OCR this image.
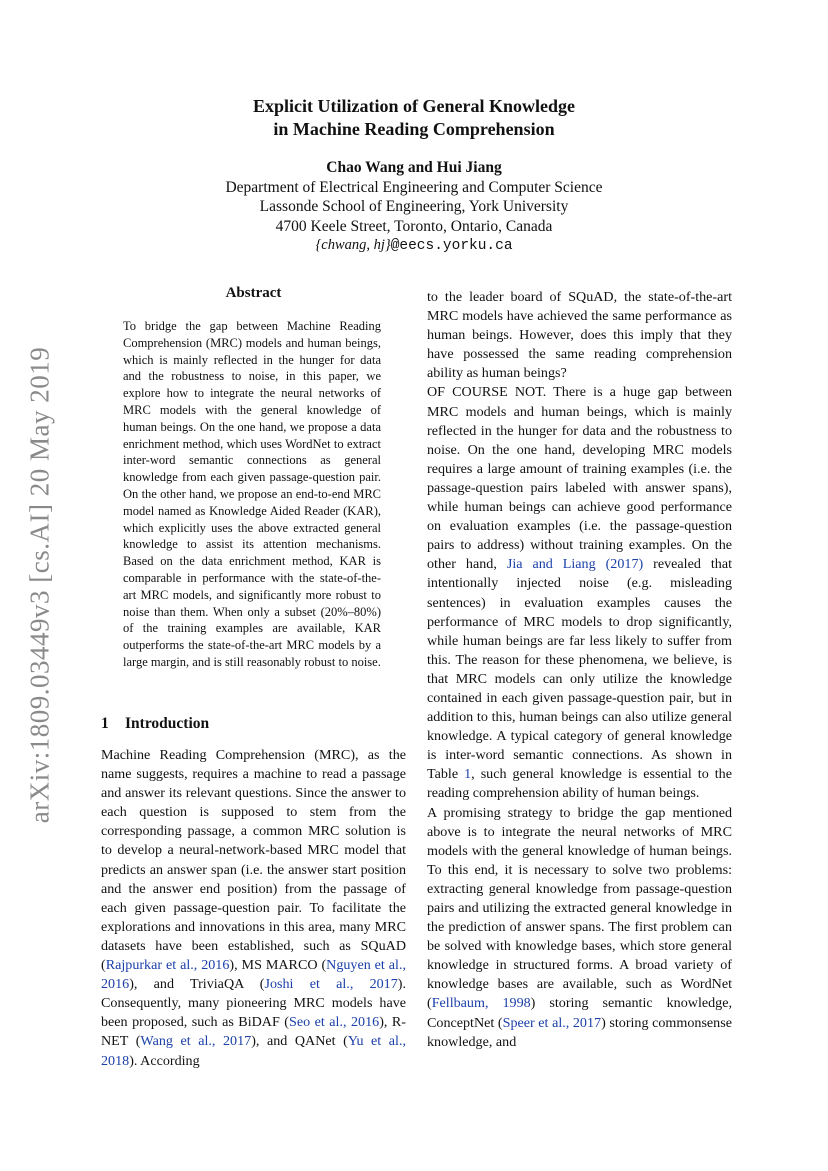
arXiv:1809.03449v3 [cs.AI] 20 May 2019
Explicit Utilization of General Knowledge
in Machine Reading Comprehension
Chao Wang and Hui Jiang
Department of Electrical Engineering and Computer Science
Lassonde School of Engineering, York University
4700 Keele Street, Toronto, Ontario, Canada
{chwang, hj}@eecs.yorku.ca
Abstract
To bridge the gap between Machine Reading Comprehension (MRC) models and human beings, which is mainly reflected in the hunger for data and the robustness to noise, in this paper, we explore how to integrate the neural networks of MRC models with the general knowledge of human beings. On the one hand, we propose a data enrichment method, which uses WordNet to extract inter-word semantic connections as general knowledge from each given passage-question pair. On the other hand, we propose an end-to-end MRC model named as Knowledge Aided Reader (KAR), which explicitly uses the above extracted general knowledge to assist its attention mechanisms. Based on the data enrichment method, KAR is comparable in performance with the state-of-the-art MRC models, and significantly more robust to noise than them. When only a subset (20%–80%) of the training examples are available, KAR outperforms the state-of-the-art MRC models by a large margin, and is still reasonably robust to noise.
1 Introduction

Machine Reading Comprehension (MRC), as the name suggests, requires a machine to read a passage and answer its relevant questions. Since the answer to each question is supposed to stem from the corresponding passage, a common MRC solution is to develop a neural-network-based MRC model that predicts an answer span (i.e. the answer start position and the answer end position) from the passage of each given passage-question pair. To facilitate the explorations and innovations in this area, many MRC datasets have been established, such as SQuAD (Rajpurkar et al., 2016), MS MARCO (Nguyen et al., 2016), and TriviaQA (Joshi et al., 2017). Consequently, many pioneering MRC models have been proposed, such as BiDAF (Seo et al., 2016), R-NET (Wang et al., 2017), and QANet (Yu et al., 2018). According

to the leader board of SQuAD, the state-of-the-art MRC models have achieved the same performance as human beings. However, does this imply that they have possessed the same reading comprehension ability as human beings?

OF COURSE NOT. There is a huge gap between MRC models and human beings, which is mainly reflected in the hunger for data and the robustness to noise. On the one hand, developing MRC models requires a large amount of training examples (i.e. the passage-question pairs labeled with answer spans), while human beings can achieve good performance on evaluation examples (i.e. the passage-question pairs to address) without training examples. On the other hand, Jia and Liang (2017) revealed that intentionally injected noise (e.g. misleading sentences) in evaluation examples causes the performance of MRC models to drop significantly, while human beings are far less likely to suffer from this. The reason for these phenomena, we believe, is that MRC models can only utilize the knowledge contained in each given passage-question pair, but in addition to this, human beings can also utilize general knowledge. A typical category of general knowledge is inter-word semantic connections. As shown in Table 1, such general knowledge is essential to the reading comprehension ability of human beings.

A promising strategy to bridge the gap mentioned above is to integrate the neural networks of MRC models with the general knowledge of human beings. To this end, it is necessary to solve two problems: extracting general knowledge from passage-question pairs and utilizing the extracted general knowledge in the prediction of answer spans. The first problem can be solved with knowledge bases, which store general knowledge in structured forms. A broad variety of knowledge bases are available, such as WordNet (Fellbaum, 1998) storing semantic knowledge, ConceptNet (Speer et al., 2017) storing commonsense knowledge, and
